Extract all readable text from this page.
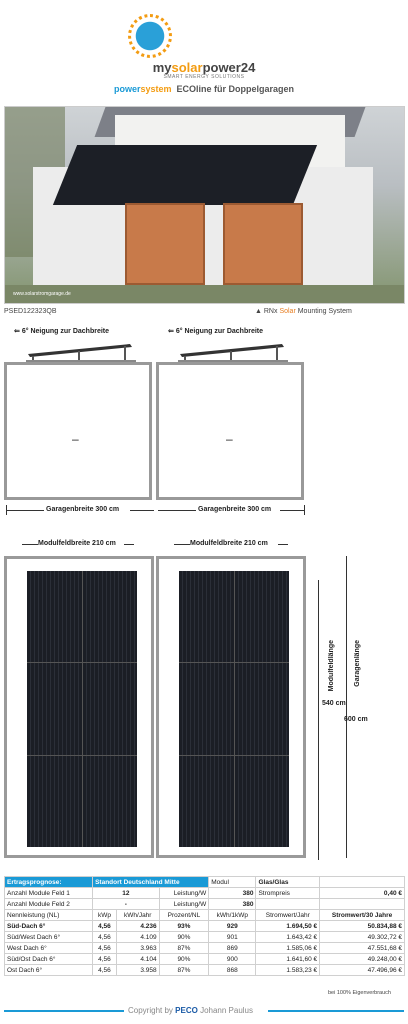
mysolarpower24
SMART ENERGY SOLUTIONS
powersystem ECOline für Doppelgaragen
www.solarstromgarage.de
PSED122323QB	▲ RNx Solar Mounting System
⇐ 6° Neigung zur Dachbreite	⇐ 6° Neigung zur Dachbreite
–	–
Garagenbreite 300 cm	Garagenbreite 300 cm
Modulfeldbreite 210 cm	Modulfeldbreite 210 cm
Modulfeldlänge	Garagenlänge
540 cm
600 cm
Ertragsprognose:	Standort Deutschland Mitte			Modul	Glas/Glas	
Anzahl Module Feld 1	12		Leistung/W	380	Strompreis	0,40 €
Anzahl Module Feld 2	-		Leistung/W	380		
Nennleistung (NL)	kWp	kWh/Jahr	Prozent/NL	kWh/1kWp	Stromwert/Jahr	Stromwert/30 Jahre
Süd-Dach 6°	4,56	4.236	93%	929	1.694,50 €	50.834,88 €
Süd/West Dach 6°	4,56	4.109	90%	901	1.643,42 €	49.302,72 €
West Dach 6°	4,56	3.963	87%	869	1.585,06 €	47.551,68 €
Süd/Ost Dach 6°	4,56	4.104	90%	900	1.641,60 €	49.248,00 €
Ost Dach 6°	4,56	3.958	87%	868	1.583,23 €	47.496,96 €
bei 100% Eigenverbrauch
Copyright by PECO Johann Paulus
